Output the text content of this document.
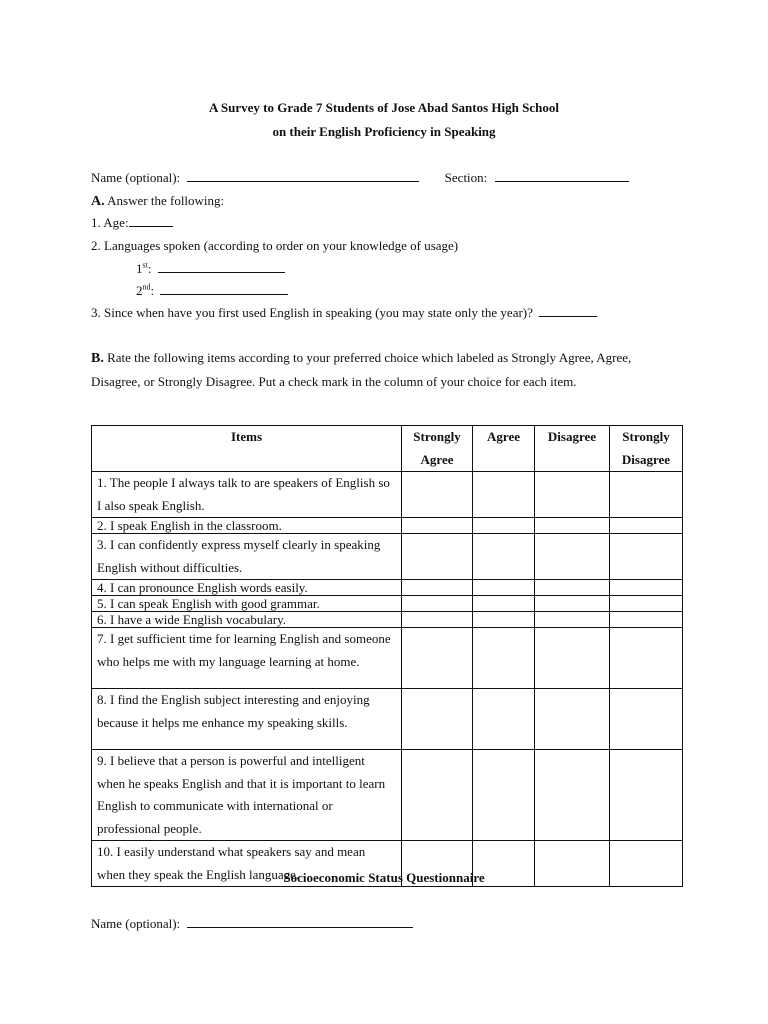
A Survey to Grade 7 Students of Jose Abad Santos High School
on their English Proficiency in Speaking
Name (optional):	Section:
A. Answer the following:
1. Age:
2. Languages spoken (according to order on your knowledge of usage)
1st:
2nd:
3. Since when have you first used English in speaking (you may state only the year)?
B. Rate the following items according to your preferred choice which labeled as Strongly Agree, Agree, Disagree, or Strongly Disagree. Put a check mark in the column of your choice for each item.
Items	Strongly Agree	Agree	Disagree	Strongly Disagree
1. The people I always talk to are speakers of English so I also speak English.				
2. I speak English in the classroom.				
3. I can confidently express myself clearly in speaking English without difficulties.				
4. I can pronounce English words easily.				
5. I can speak English with good grammar.				
6. I have a wide English vocabulary.				
7. I get sufficient time for learning English and someone who helps me with my language learning at home.				
8. I find the English subject interesting and enjoying because it helps me enhance my speaking skills.				
9. I believe that a person is powerful and intelligent when he speaks English and that it is important to learn English to communicate with international or professional people.				
10. I easily understand what speakers say and mean when they speak the English language.				
Socioeconomic Status Questionnaire
Name (optional):
